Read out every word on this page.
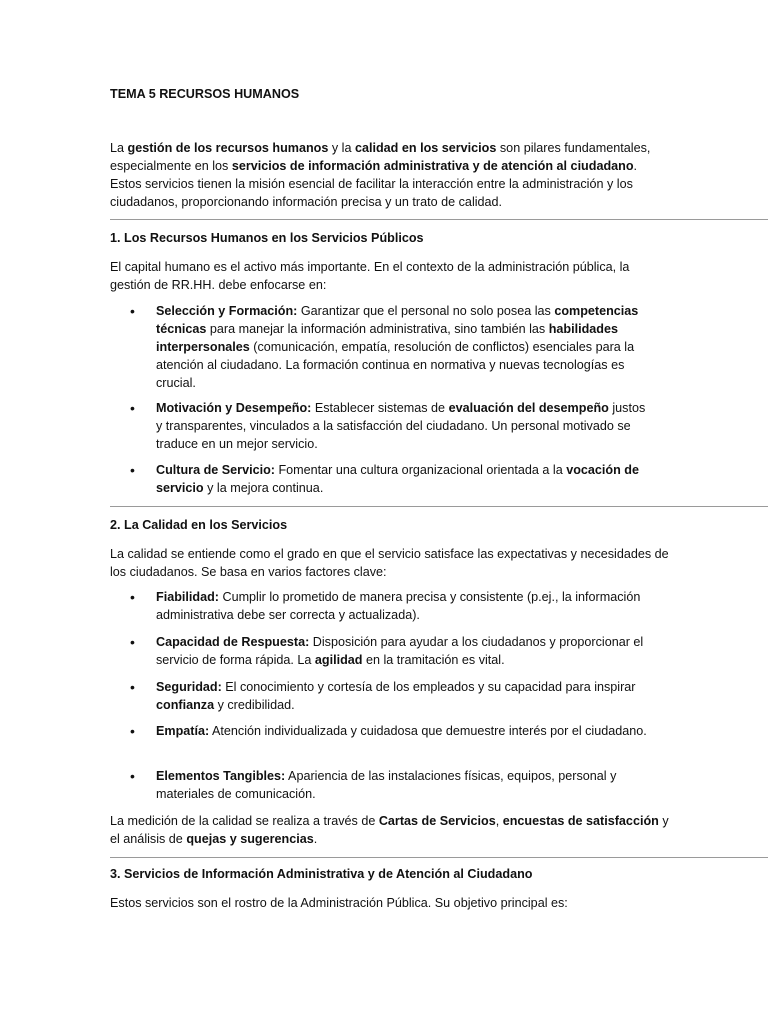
TEMA 5 RECURSOS HUMANOS
La gestión de los recursos humanos y la calidad en los servicios son pilares fundamentales, especialmente en los servicios de información administrativa y de atención al ciudadano. Estos servicios tienen la misión esencial de facilitar la interacción entre la administración y los ciudadanos, proporcionando información precisa y un trato de calidad.
1. Los Recursos Humanos en los Servicios Públicos
El capital humano es el activo más importante. En el contexto de la administración pública, la gestión de RR.HH. debe enfocarse en:
• Selección y Formación: Garantizar que el personal no solo posea las competencias técnicas para manejar la información administrativa, sino también las habilidades interpersonales (comunicación, empatía, resolución de conflictos) esenciales para la atención al ciudadano. La formación continua en normativa y nuevas tecnologías es crucial.
• Motivación y Desempeño: Establecer sistemas de evaluación del desempeño justos y transparentes, vinculados a la satisfacción del ciudadano. Un personal motivado se traduce en un mejor servicio.
• Cultura de Servicio: Fomentar una cultura organizacional orientada a la vocación de servicio y la mejora continua.
2. La Calidad en los Servicios
La calidad se entiende como el grado en que el servicio satisface las expectativas y necesidades de los ciudadanos. Se basa en varios factores clave:
• Fiabilidad: Cumplir lo prometido de manera precisa y consistente (p.ej., la información administrativa debe ser correcta y actualizada).
• Capacidad de Respuesta: Disposición para ayudar a los ciudadanos y proporcionar el servicio de forma rápida. La agilidad en la tramitación es vital.
• Seguridad: El conocimiento y cortesía de los empleados y su capacidad para inspirar confianza y credibilidad.
• Empatía: Atención individualizada y cuidadosa que demuestre interés por el ciudadano.
• Elementos Tangibles: Apariencia de las instalaciones físicas, equipos, personal y materiales de comunicación.
La medición de la calidad se realiza a través de Cartas de Servicios, encuestas de satisfacción y el análisis de quejas y sugerencias.
3. Servicios de Información Administrativa y de Atención al Ciudadano
Estos servicios son el rostro de la Administración Pública. Su objetivo principal es:
